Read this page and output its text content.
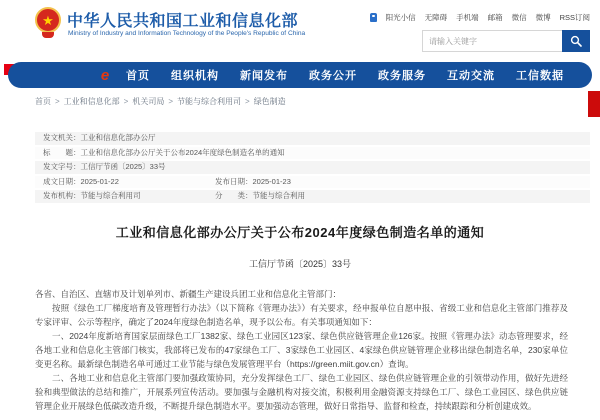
★ 中华人民共和国工业和信息化部
Ministry of Industry and Information Technology of the People's Republic of China
阳光小信 无障碍 手机端 邮箱 微信 微博 RSS订阅
请输入关键字
e	首页 组织机构 新闻发布 政务公开 政务服务 互动交流 工信数据
首页 > 工业和信息化部 > 机关司局 > 节能与综合利用司 > 绿色制造
发文机关：工业和信息化部办公厅
标　　题：工业和信息化部办公厅关于公布2024年度绿色制造名单的通知
发文字号：工信厅节函〔2025〕33号
成文日期：2025-01-22	发布日期：2025-01-23
发布机构：节能与综合利用司	分　　类：节能与综合利用
工业和信息化部办公厅关于公布2024年度绿色制造名单的通知
工信厅节函〔2025〕33号

各省、自治区、直辖市及计划单列市、新疆生产建设兵团工业和信息化主管部门：

按照《绿色工厂梯度培育及管理暂行办法》（以下简称《管理办法》）有关要求，经申报单位自愿申报、省级工业和信息化主管部门推荐及专家评审、公示等程序，确定了2024年度绿色制造名单，现予以公布。有关事项通知如下：

一、2024年度新培育国家层面绿色工厂1382家、绿色工业园区123家、绿色供应链管理企业126家。按照《管理办法》动态管理要求，经各地工业和信息化主管部门核实，我部将已发布的47家绿色工厂、3家绿色工业园区、4家绿色供应链管理企业移出绿色制造名单，230家单位变更名称。最新绿色制造名单可通过工业节能与绿色发展管理平台（https://green.miit.gov.cn）查询。

二、各地工业和信息化主管部门要加强政策协同，充分发挥绿色工厂、绿色工业园区、绿色供应链管理企业的引领带动作用，做好先进经验和典型做法的总结和推广，开展系列宣传活动。要加强与金融机构对接交流，积极利用金融资源支持绿色工厂、绿色工业园区、绿色供应链管理企业开展绿色低碳改造升级，不断提升绿色制造水平。要加强动态管理，做好日常指导、监督和检查，持续跟踪和分析创建成效。
